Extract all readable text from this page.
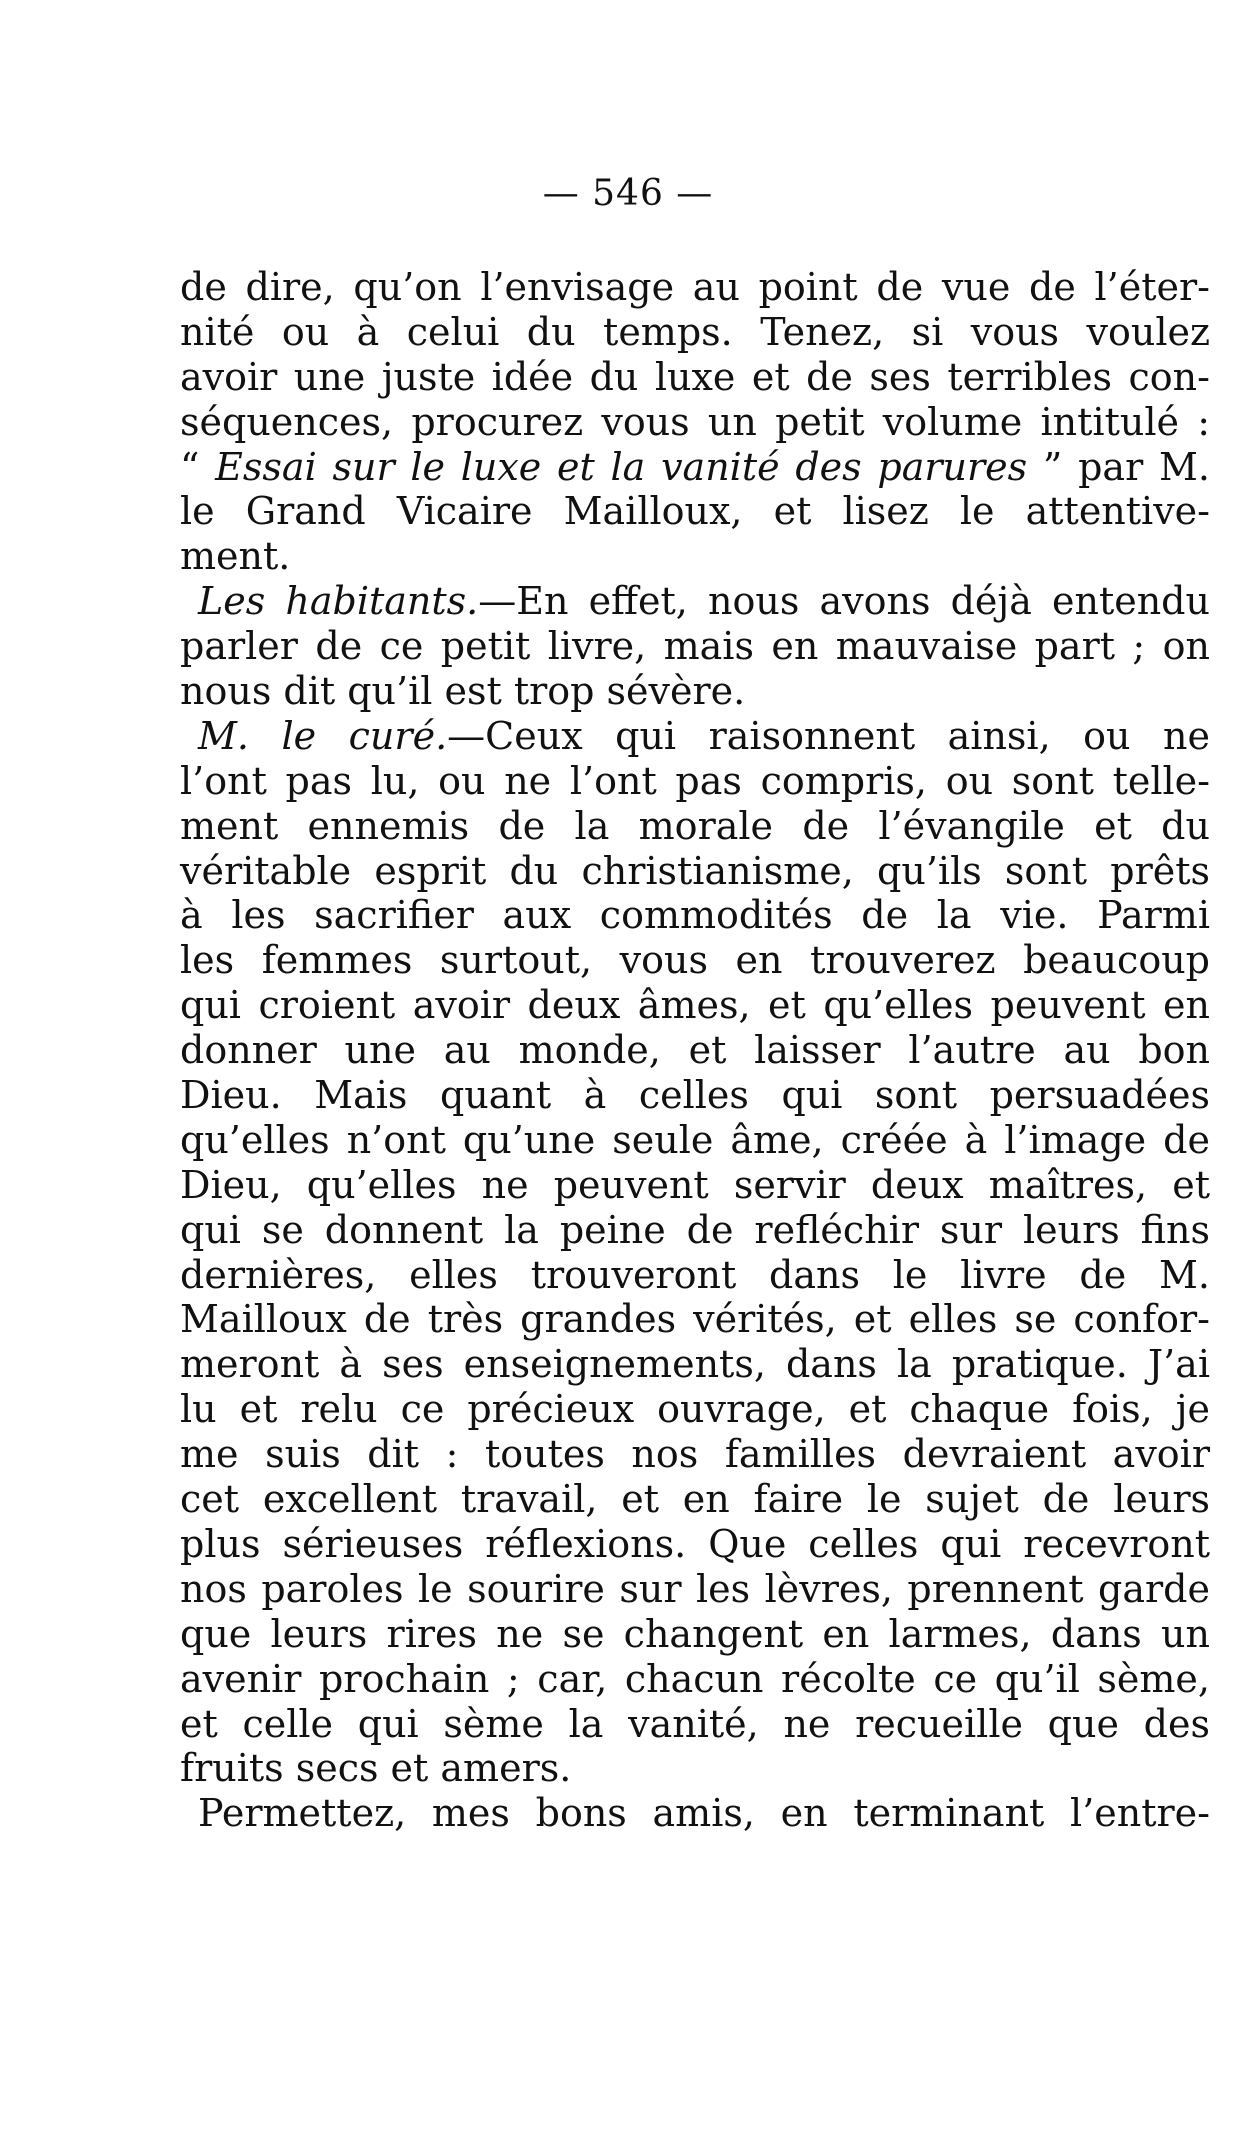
— 546 —
de dire, qu’on l’envisage au point de vue de l’éter-
nité ou à celui du temps. Tenez, si vous voulez
avoir une juste idée du luxe et de ses terribles con-
séquences, procurez vous un petit volume intitulé :
“ Essai sur le luxe et la vanité des parures ” par M.
le Grand Vicaire Mailloux, et lisez le attentive-
ment.
Les habitants.—En effet, nous avons déjà entendu
parler de ce petit livre, mais en mauvaise part ; on
nous dit qu’il est trop sévère.
M. le curé.—Ceux qui raisonnent ainsi, ou ne
l’ont pas lu, ou ne l’ont pas compris, ou sont telle-
ment ennemis de la morale de l’évangile et du
véritable esprit du christianisme, qu’ils sont prêts
à les sacrifier aux commodités de la vie. Parmi
les femmes surtout, vous en trouverez beaucoup
qui croient avoir deux âmes, et qu’elles peuvent en
donner une au monde, et laisser l’autre au bon
Dieu. Mais quant à celles qui sont persuadées
qu’elles n’ont qu’une seule âme, créée à l’image de
Dieu, qu’elles ne peuvent servir deux maîtres, et
qui se donnent la peine de refléchir sur leurs fins
dernières, elles trouveront dans le livre de M.
Mailloux de très grandes vérités, et elles se confor-
meront à ses enseignements, dans la pratique. J’ai
lu et relu ce précieux ouvrage, et chaque fois, je
me suis dit : toutes nos familles devraient avoir
cet excellent travail, et en faire le sujet de leurs
plus sérieuses réflexions. Que celles qui recevront
nos paroles le sourire sur les lèvres, prennent garde
que leurs rires ne se changent en larmes, dans un
avenir prochain ; car, chacun récolte ce qu’il sème,
et celle qui sème la vanité, ne recueille que des
fruits secs et amers.
Permettez, mes bons amis, en terminant l’entre-
